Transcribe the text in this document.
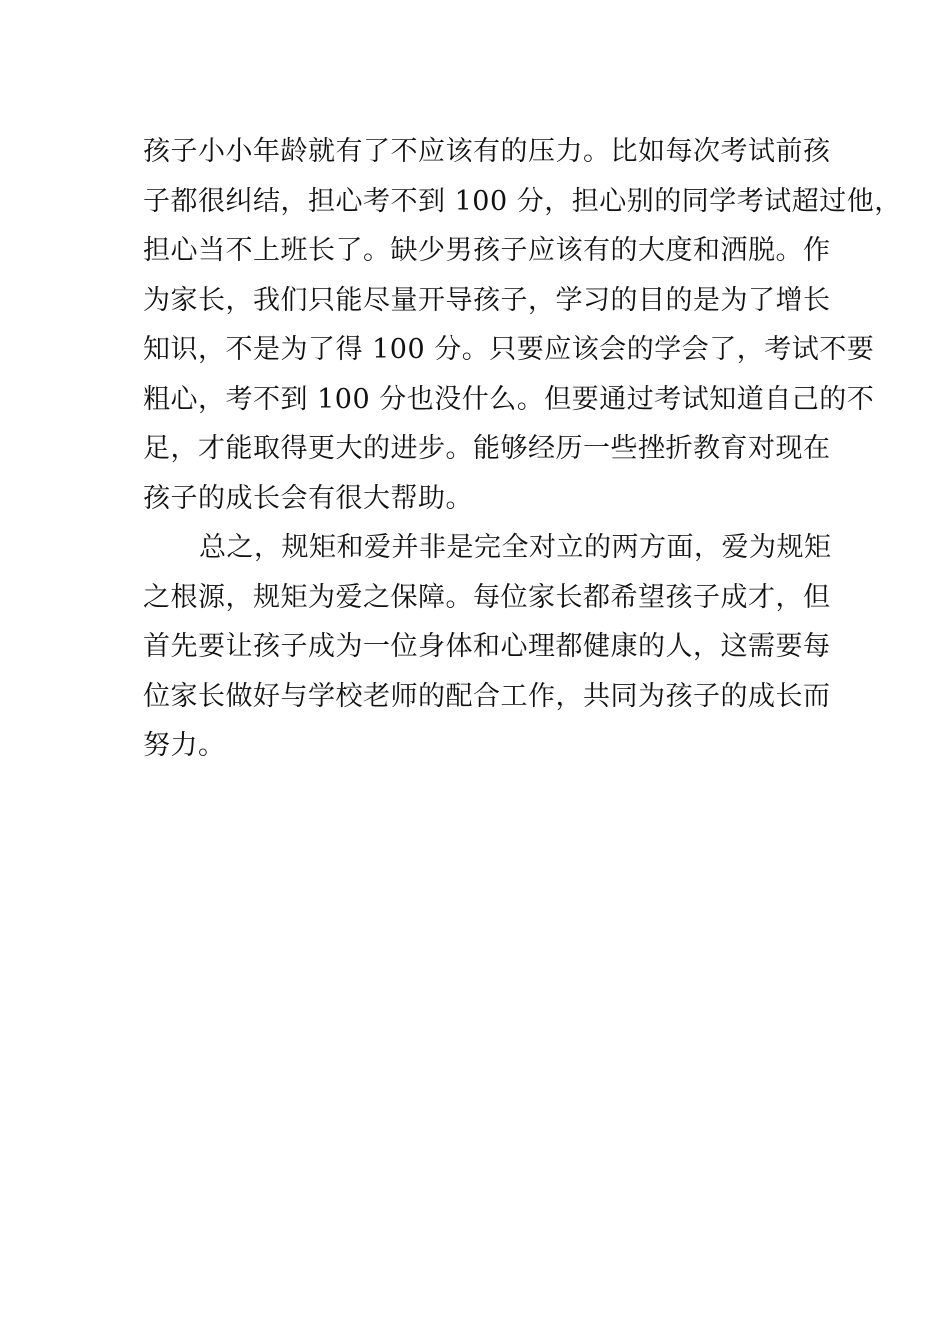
孩子小小年龄就有了不应该有的压力。比如每次考试前孩
子都很纠结，担心考不到 100 分，担心别的同学考试超过他，
担心当不上班长了。缺少男孩子应该有的大度和洒脱。作
为家长，我们只能尽量开导孩子，学习的目的是为了增长
知识，不是为了得 100 分。只要应该会的学会了，考试不要
粗心，考不到 100 分也没什么。但要通过考试知道自己的不
足，才能取得更大的进步。能够经历一些挫折教育对现在
孩子的成长会有很大帮助。
总之，规矩和爱并非是完全对立的两方面，爱为规矩
之根源，规矩为爱之保障。每位家长都希望孩子成才，但
首先要让孩子成为一位身体和心理都健康的人，这需要每
位家长做好与学校老师的配合工作，共同为孩子的成长而
努力。
